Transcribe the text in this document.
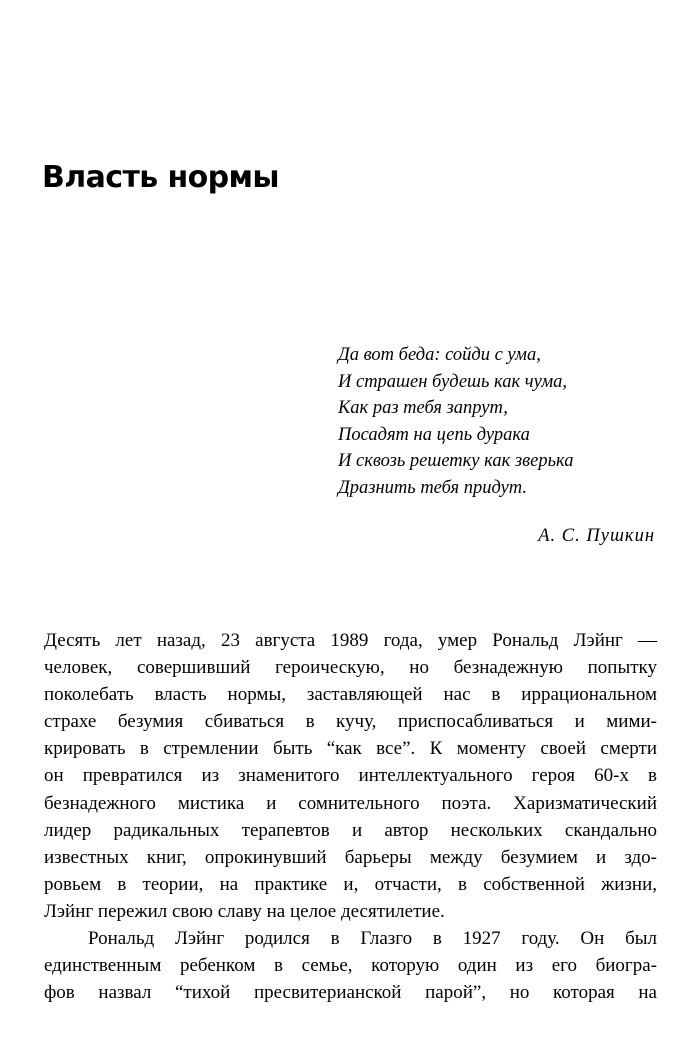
Власть нормы
Да вот беда: сойди с ума,
И страшен будешь как чума,
Как раз тебя запрут,
Посадят на цепь дурака
И сквозь решетку как зверька
Дразнить тебя придут.
А. С. Пушкин
Десять лет назад, 23 августа 1989 года, умер Рональд Лэйнг —
человек, совершивший героическую, но безнадежную попытку
поколебать власть нормы, заставляющей нас в иррациональном
страхе безумия сбиваться в кучу, приспосабливаться и мими-
крировать в стремлении быть “как все”. К моменту своей смерти
он превратился из знаменитого интеллектуального героя 60-х в
безнадежного мистика и сомнительного поэта. Харизматический
лидер радикальных терапевтов и автор нескольких скандально
известных книг, опрокинувший барьеры между безумием и здо-
ровьем в теории, на практике и, отчасти, в собственной жизни,
Лэйнг пережил свою славу на целое десятилетие.
Рональд Лэйнг родился в Глазго в 1927 году. Он был
единственным ребенком в семье, которую один из его биогра-
фов назвал “тихой пресвитерианской парой”, но которая на
